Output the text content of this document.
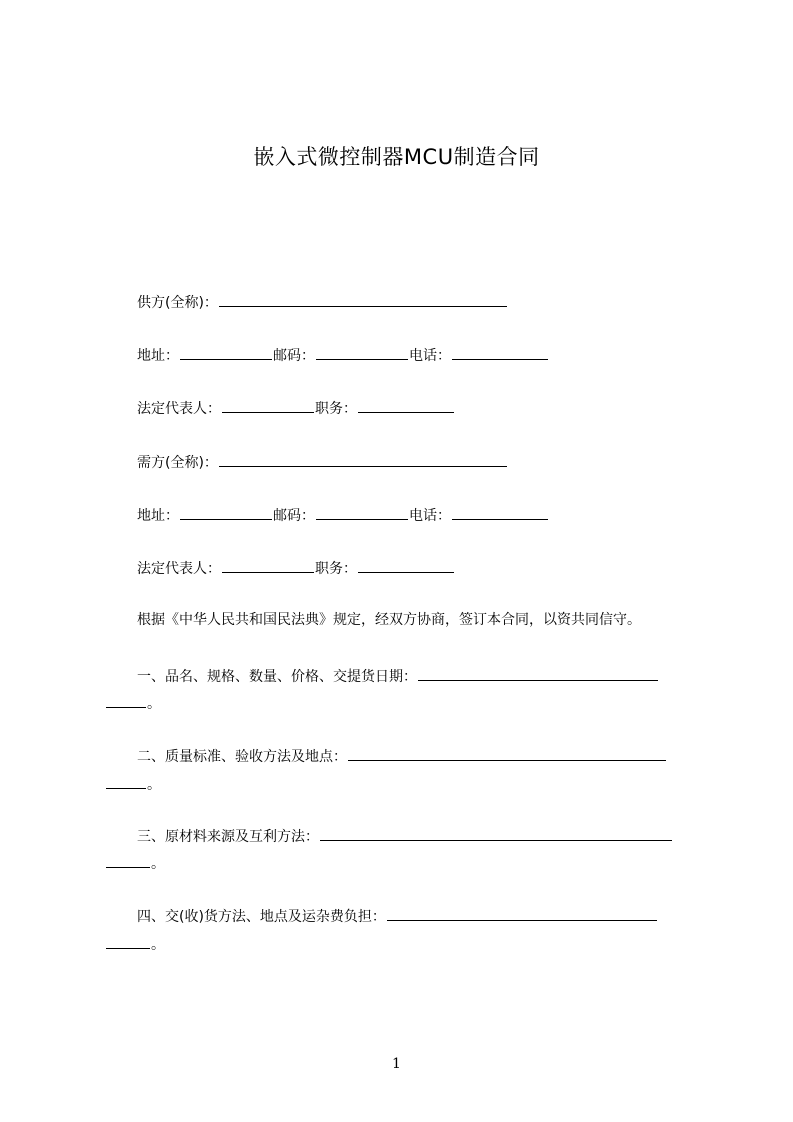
嵌入式微控制器MCU制造合同
供方(全称)：
地址：	邮码：	电话：
法定代表人：	职务：
需方(全称)：
地址：	邮码：	电话：
法定代表人：	职务：
根据《中华人民共和国民法典》规定，经双方协商，签订本合同，以资共同信守。
一、品名、规格、数量、价格、交提货日期：
。
二、质量标准、验收方法及地点：
。
三、原材料来源及互利方法：
。
四、交(收)货方法、地点及运杂费负担：
。
1
